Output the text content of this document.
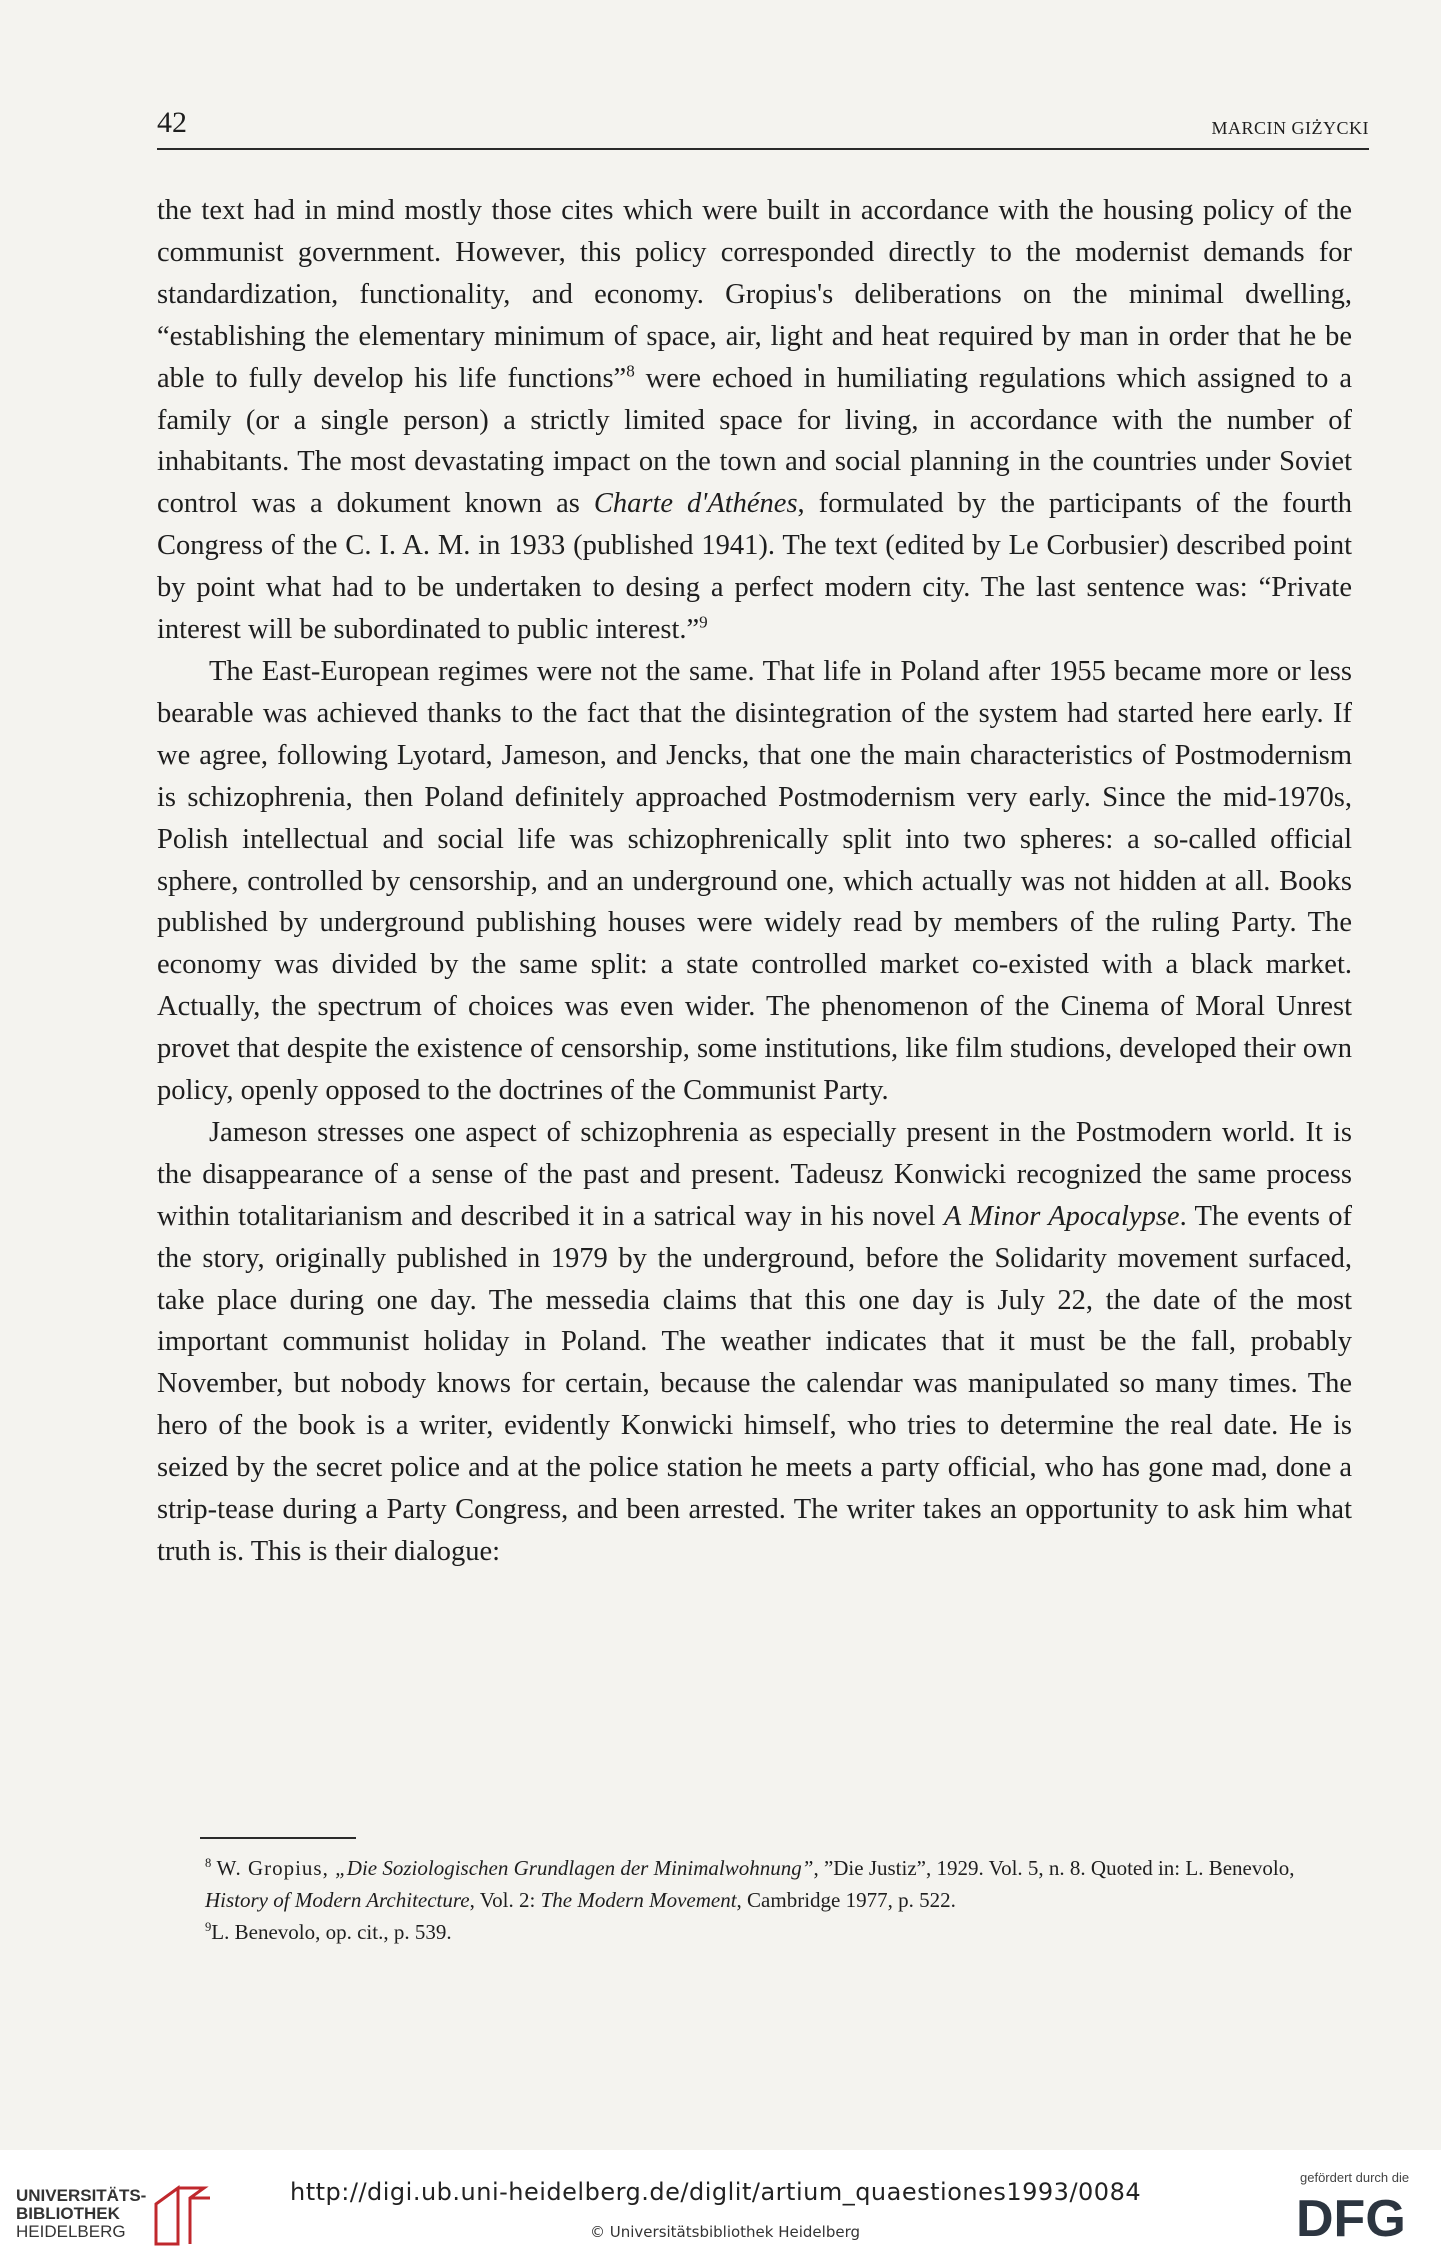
42	MARCIN GIŻYCKI

the text had in mind mostly those cites which were built in accordance with the housing policy of the communist government. However, this policy corresponded directly to the modernist demands for standardization, functionality, and economy. Gropius's deliberations on the minimal dwelling, “establishing the elementary minimum of space, air, light and heat required by man in order that he be able to fully develop his life functions”$^8$ were echoed in humiliating regulations which assigned to a family (or a single person) a strictly limited space for living, in accordance with the number of inhabitants. The most devastating impact on the town and social planning in the countries under Soviet control was a dokument known as Charte d'Athénes, formulated by the participants of the fourth Congress of the C. I. A. M. in 1933 (published 1941). The text (edited by Le Corbusier) described point by point what had to be undertaken to desing a perfect modern city. The last sentence was: “Private interest will be subordinated to public interest.”$^9$

The East-European regimes were not the same. That life in Poland after 1955 became more or less bearable was achieved thanks to the fact that the disintegration of the system had started here early. If we agree, following Lyotard, Jameson, and Jencks, that one the main characteristics of Postmodernism is schizophrenia, then Poland definitely approached Postmodernism very early. Since the mid-1970s, Polish intellectual and social life was schizophrenically split into two spheres: a so-called official sphere, controlled by censorship, and an underground one, which actually was not hidden at all. Books published by underground publishing houses were widely read by members of the ruling Party. The economy was divided by the same split: a state controlled market co-existed with a black market. Actually, the spectrum of choices was even wider. The phenomenon of the Cinema of Moral Unrest provet that despite the existence of censorship, some institutions, like film studions, developed their own policy, openly opposed to the doctrines of the Communist Party.

Jameson stresses one aspect of schizophrenia as especially present in the Postmodern world. It is the disappearance of a sense of the past and present. Tadeusz Konwicki recognized the same process within totalitarianism and described it in a satrical way in his novel A Minor Apocalypse. The events of the story, originally published in 1979 by the underground, before the Solidarity movement surfaced, take place during one day. The messedia claims that this one day is July 22, the date of the most important communist holiday in Poland. The weather indicates that it must be the fall, probably November, but nobody knows for certain, because the calendar was manipulated so many times. The hero of the book is a writer, evidently Konwicki himself, who tries to determine the real date. He is seized by the secret police and at the police station he meets a party official, who has gone mad, done a strip-tease during a Party Congress, and been arrested. The writer takes an opportunity to ask him what truth is. This is their dialogue:

$^8$ W. Gropius, „Die Soziologischen Grundlagen der Minimalwohnung”, ”Die Justiz”, 1929. Vol. 5, n. 8. Quoted in: L. Benevolo, History of Modern Architecture, Vol. 2: The Modern Movement, Cambridge 1977, p. 522.

$^9$L. Benevolo, op. cit., p. 539.

UNIVERSITÄTS-
BIBLIOTHEK
HEIDELBERG
http://digi.ub.uni-heidelberg.de/diglit/artium_quaestiones1993/0084
© Universitätsbibliothek Heidelberg
gefördert durch die
DFG
